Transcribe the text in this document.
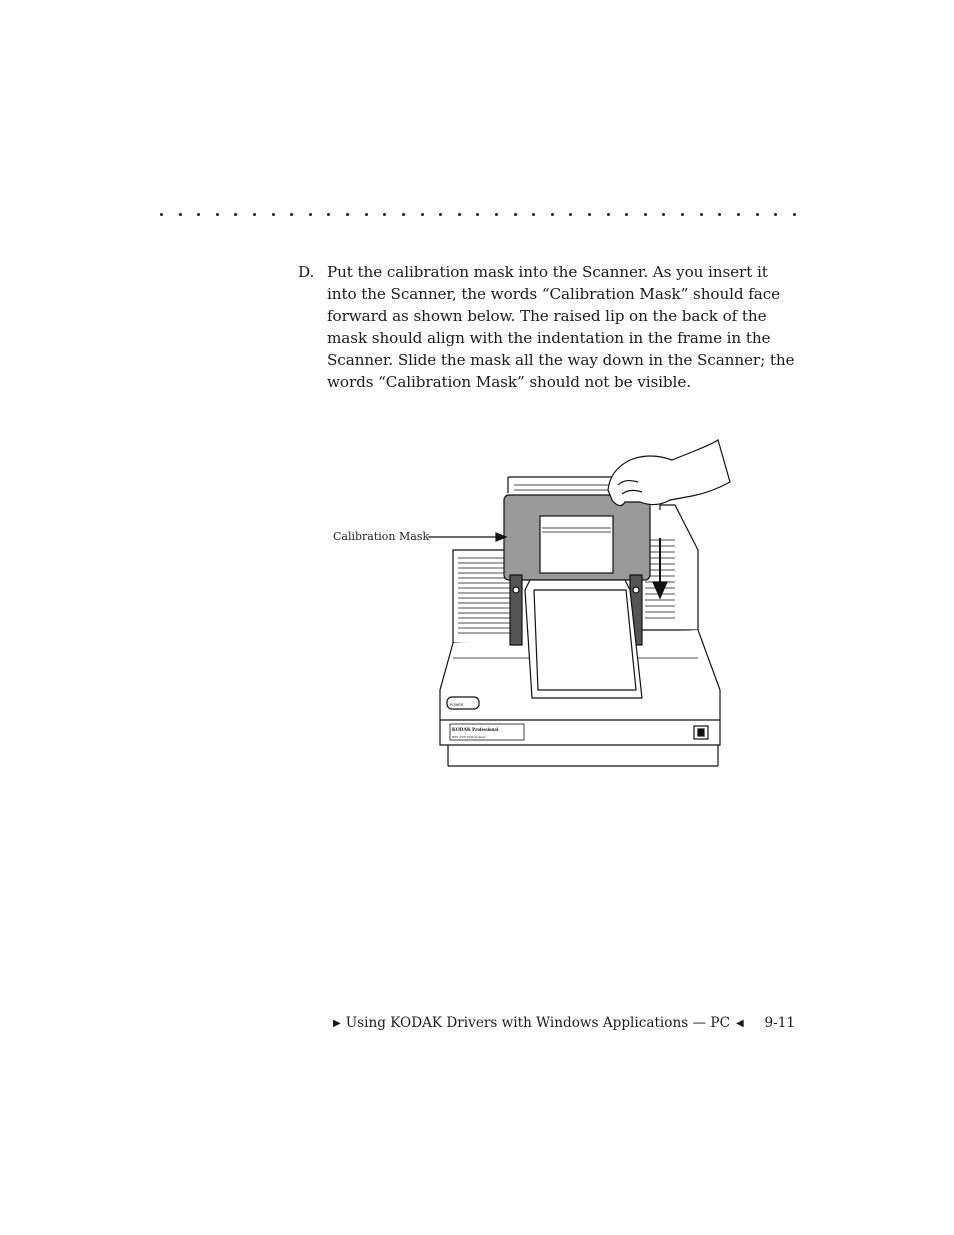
D. Put the calibration mask into the Scanner. As you insert it into the Scanner, the words “Calibration Mask” should face forward as shown below. The raised lip on the back of the mask should align with the indentation in the frame in the Scanner. Slide the mask all the way down in the Scanner; the words “Calibration Mask” should not be visible.
KODAK Professional
RFS 3570 Film Scanner
POWER
Calibration Mask
▶ Using KODAK Drivers with Windows Applications — PC ◀ 9-11
